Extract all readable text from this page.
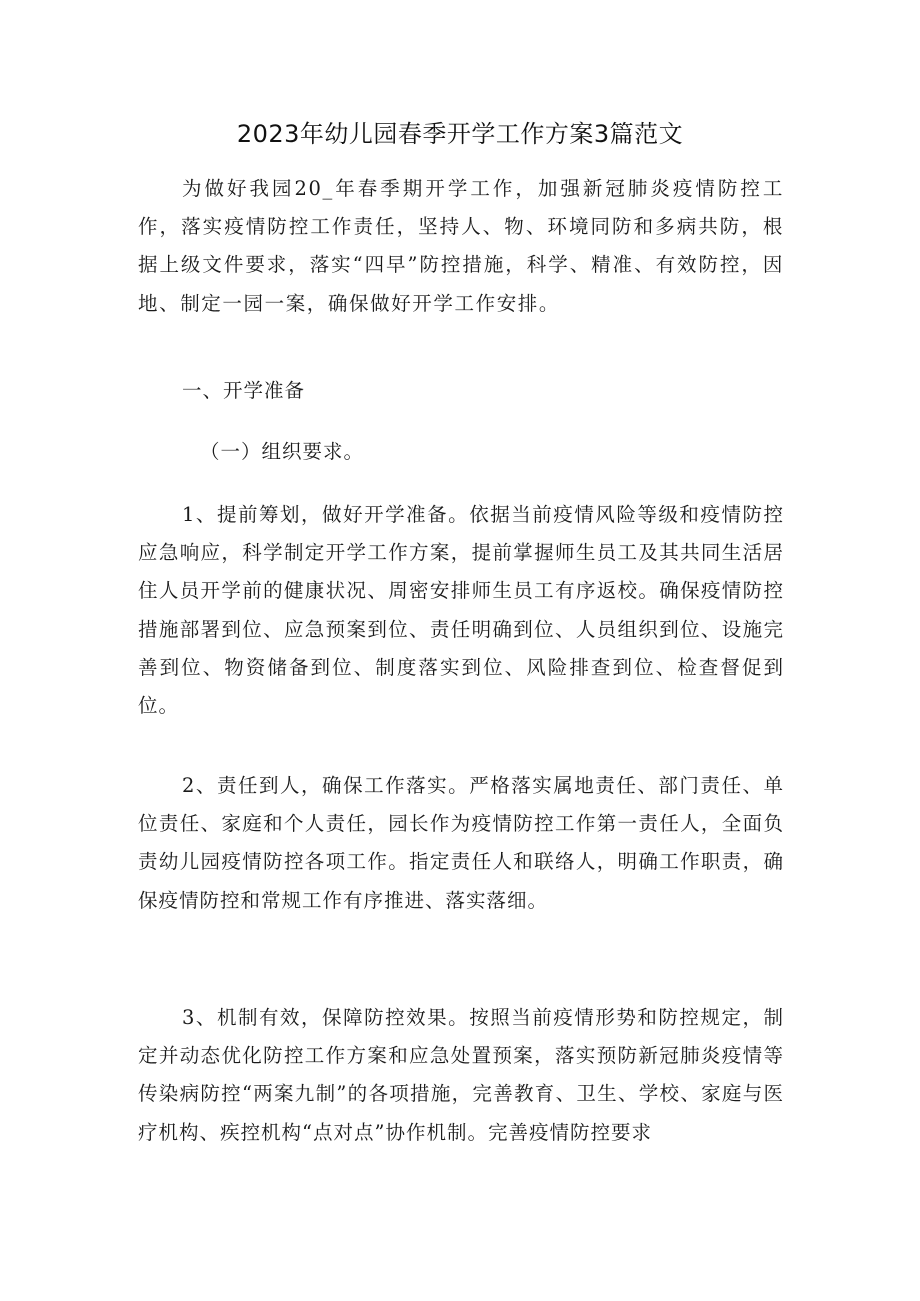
2023年幼儿园春季开学工作方案3篇范文
为做好我园20_年春季期开学工作，加强新冠肺炎疫情防控工作，落实疫情防控工作责任，坚持人、物、环境同防和多病共防，根据上级文件要求，落实“四早”防控措施，科学、精准、有效防控，因地、制定一园一案，确保做好开学工作安排。
一、开学准备
（一）组织要求。
1、提前筹划，做好开学准备。依据当前疫情风险等级和疫情防控应急响应，科学制定开学工作方案，提前掌握师生员工及其共同生活居住人员开学前的健康状况、周密安排师生员工有序返校。确保疫情防控措施部署到位、应急预案到位、责任明确到位、人员组织到位、设施完善到位、物资储备到位、制度落实到位、风险排查到位、检查督促到位。
2、责任到人，确保工作落实。严格落实属地责任、部门责任、单位责任、家庭和个人责任，园长作为疫情防控工作第一责任人，全面负责幼儿园疫情防控各项工作。指定责任人和联络人，明确工作职责，确保疫情防控和常规工作有序推进、落实落细。
3、机制有效，保障防控效果。按照当前疫情形势和防控规定，制定并动态优化防控工作方案和应急处置预案，落实预防新冠肺炎疫情等传染病防控“两案九制”的各项措施，完善教育、卫生、学校、家庭与医疗机构、疾控机构“点对点”协作机制。完善疫情防控要求
